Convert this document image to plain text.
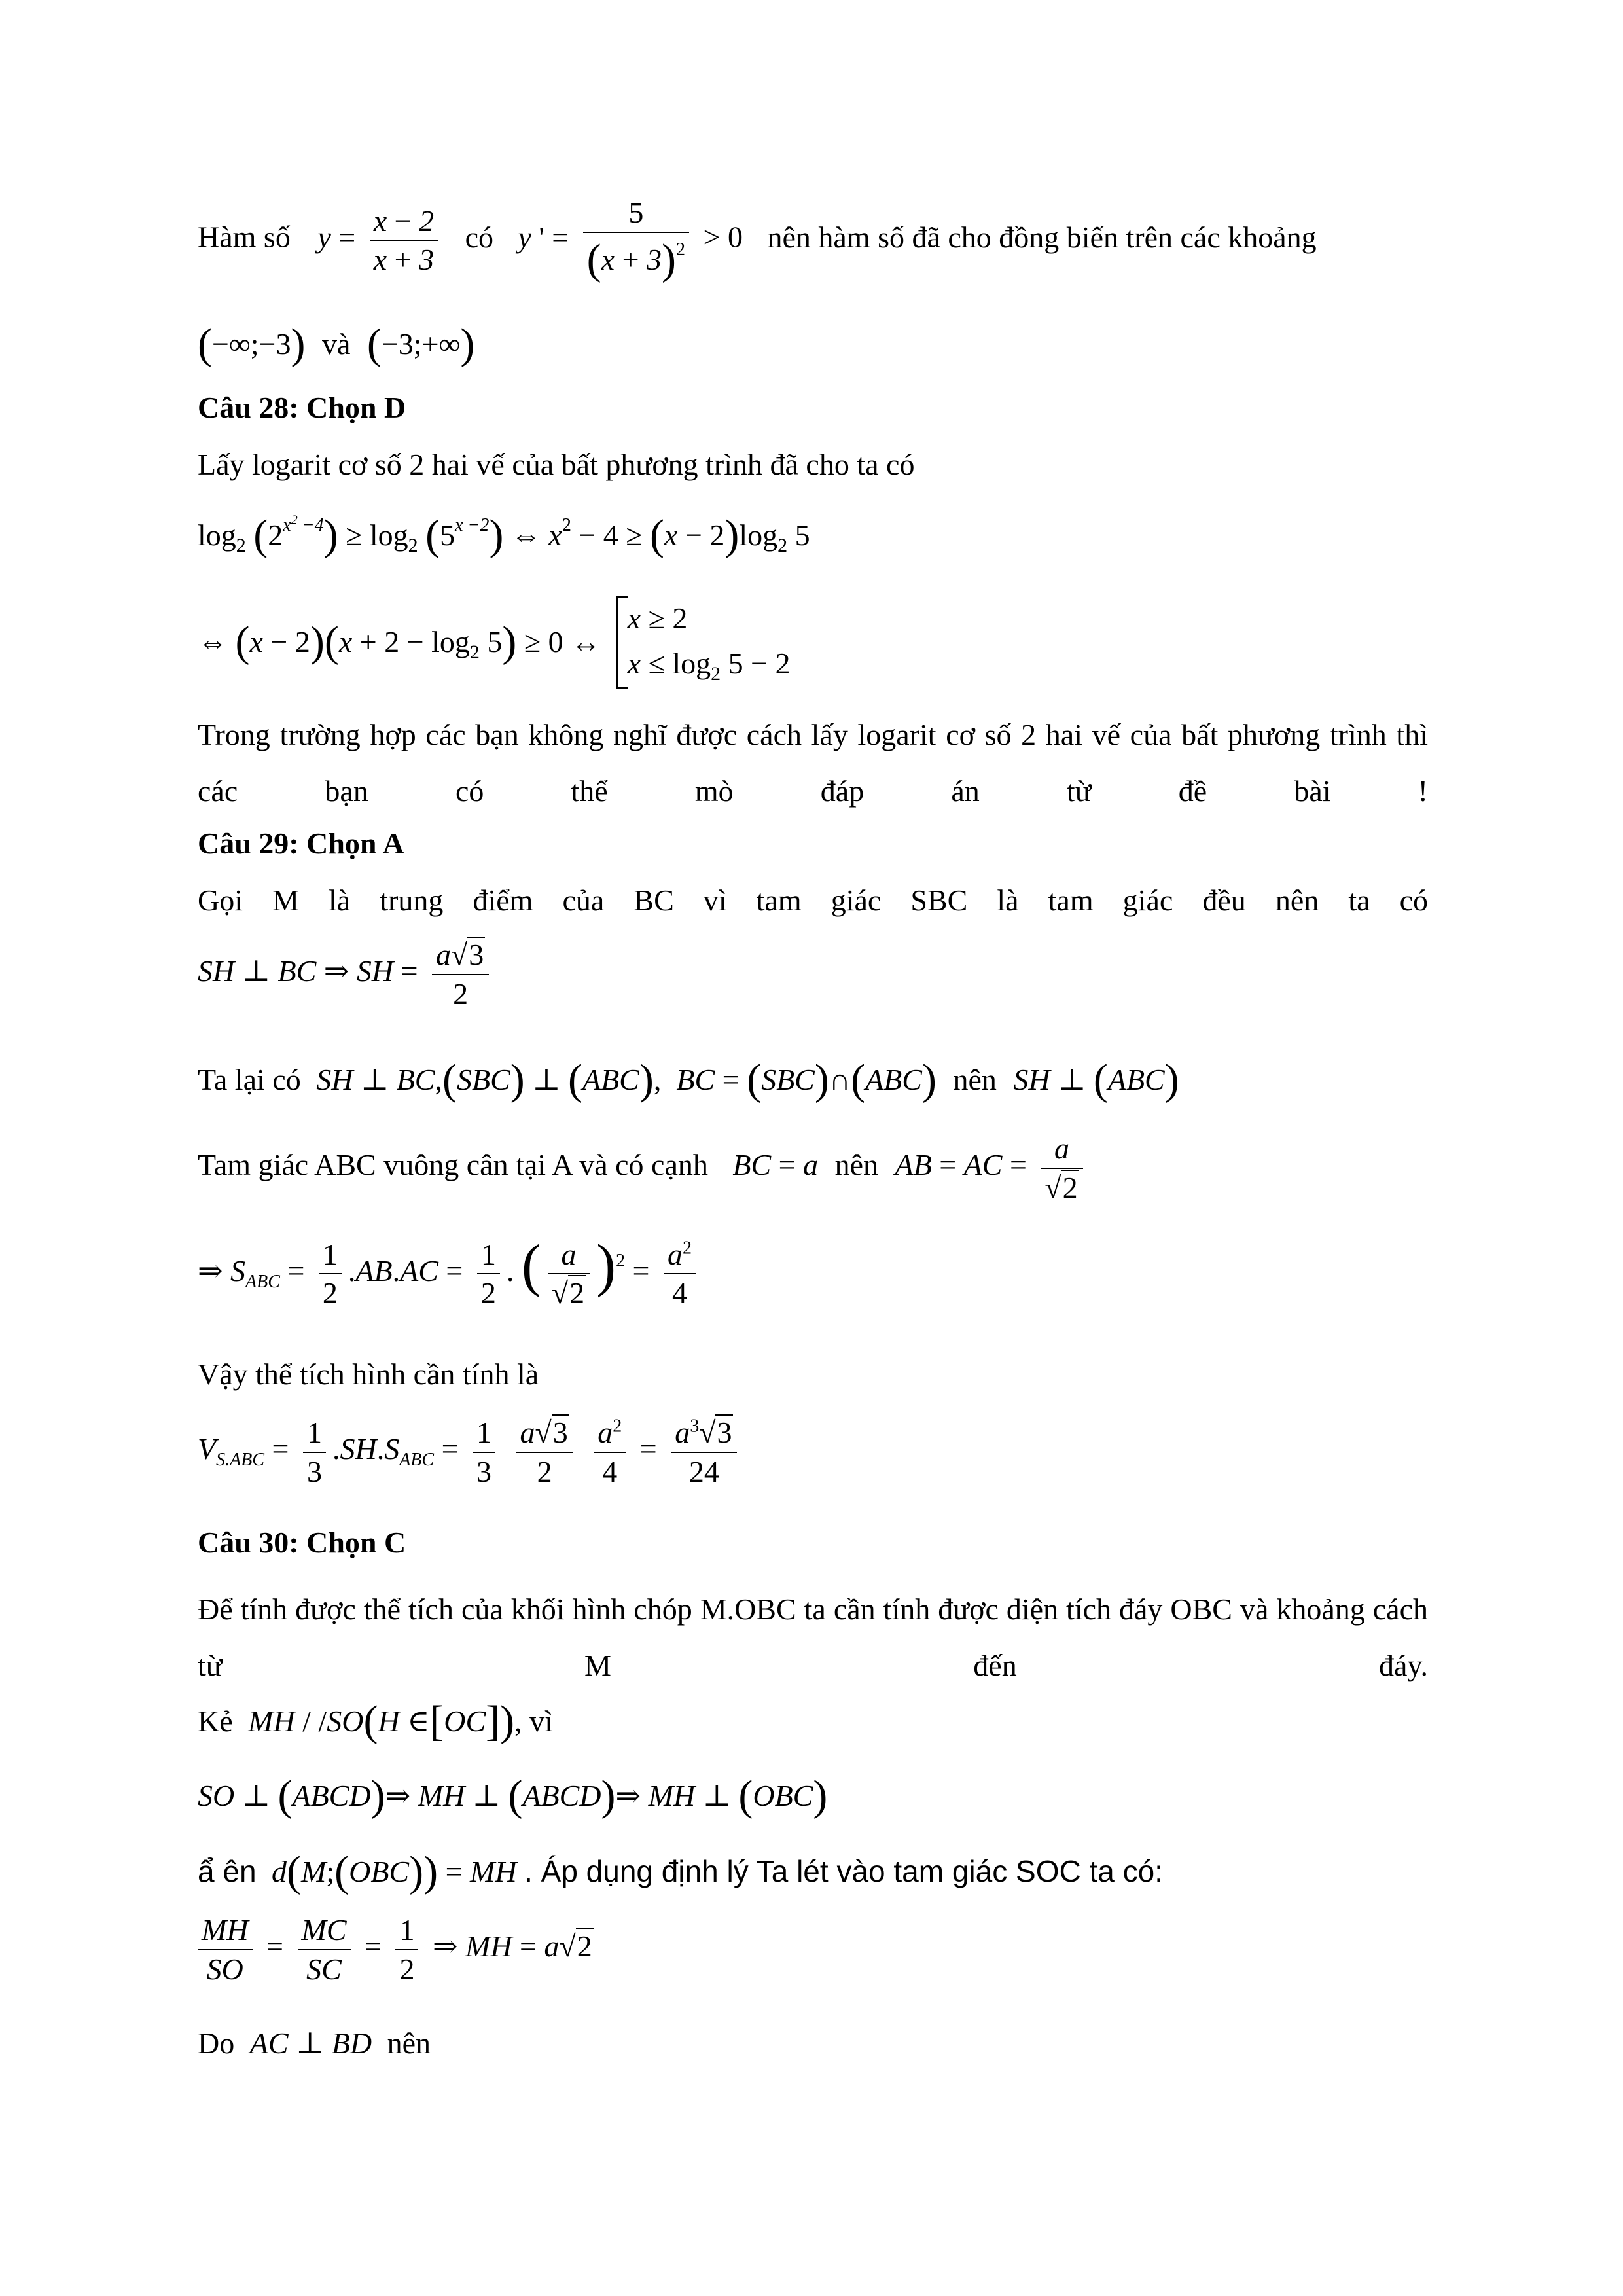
Hàm số $y = \frac{x - 2}{x + 3}$ có y ' = $\frac{5}{(x + 3)^2} > 0$ nên hàm số đã cho đồng biến trên các khoảng
(−∞;−3) và (−3;+∞)
Câu 28: Chọn D
Lấy logarit cơ số 2 hai vế của bất phương trình đã cho ta có
$\log_2 (2^{x^2 -4}) \ge \log_2 (5^{x -2})$ ⇔ $x^2 - 4 \ge (x - 2)\log_2$ 5
⇔ $(x - 2)(x + 2 - \log_2 5) \ge 0$ ↔
x ≥ 2
$x \le \log_2 5 - 2$
Trong trường hợp các bạn không nghĩ được cách lấy logarit cơ số 2 hai vế của bất phương trình thì các bạn có thể mò đáp án từ đề bài !
Câu 29: Chọn A
Gọi M là trung điểm của BC vì tam giác SBC là tam giác đều nên ta có
SH ⊥ BC ⇒ SH = $\frac{a√3}{2}$
Ta lại có SH ⊥ BC,(SBC) ⊥ (ABC),  BC = (SBC)∩(ABC) nên SH ⊥ (ABC)
Tam giác ABC vuông cân tại A và có cạnh BC = a nên AB = AC = $\frac{a}{√2}$
⇒ $S_{ABC} = \frac{1}{2} .AB.AC = \frac{1}{2}$ . ( $\frac{a}{√2} )^2 = \frac{a^2}{4}$
Vậy thể tích hình cần tính là
$V_{S.ABC} = \frac{1}{3} .SH.S_{ABC} = \frac{1}{3}$
$\frac{a√3}{2}$
$\frac{a^2}{4} = \frac{a^3√3}{24}$
Câu 30: Chọn C
Để tính được thể tích của khối hình chóp M.OBC ta cần tính được diện tích đáy OBC và khoảng cách từ M đến đáy.
Kẻ MH / /SO(H ∈[OC]), vì
SO ⊥ (ABCD)⇒ MH ⊥ (ABCD)⇒ MH ⊥ (OBC)
ẩ ên d(M;(OBC)) = MH . Áp dụng định lý Ta lét vào tam giác SOC ta có:
$\frac{MH}{SO} = \frac{MC}{SC} = \frac{1}{2}$ ⇒ MH = a√2
Do AC ⊥ BD nên
